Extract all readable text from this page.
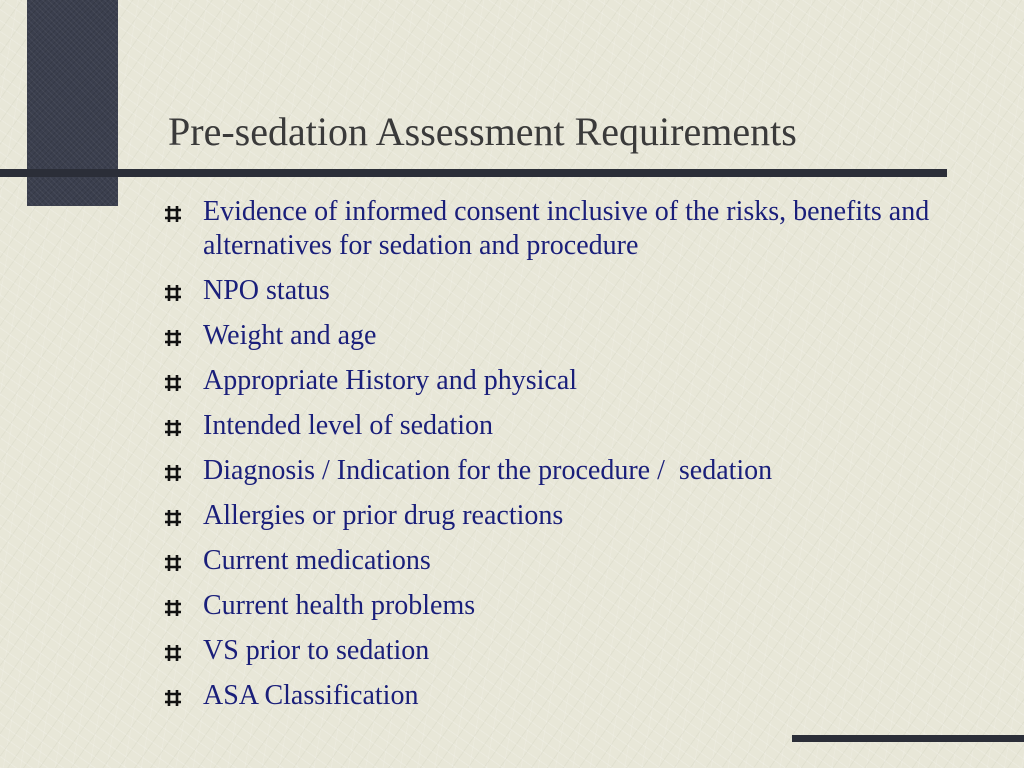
Pre-sedation Assessment Requirements
Evidence of informed consent inclusive of the risks, benefits and alternatives for sedation and procedure
NPO status
Weight and age
Appropriate History and physical
Intended level of sedation
Diagnosis / Indication for the procedure /  sedation
Allergies or prior drug reactions
Current medications
Current health problems
VS prior to sedation
ASA Classification
